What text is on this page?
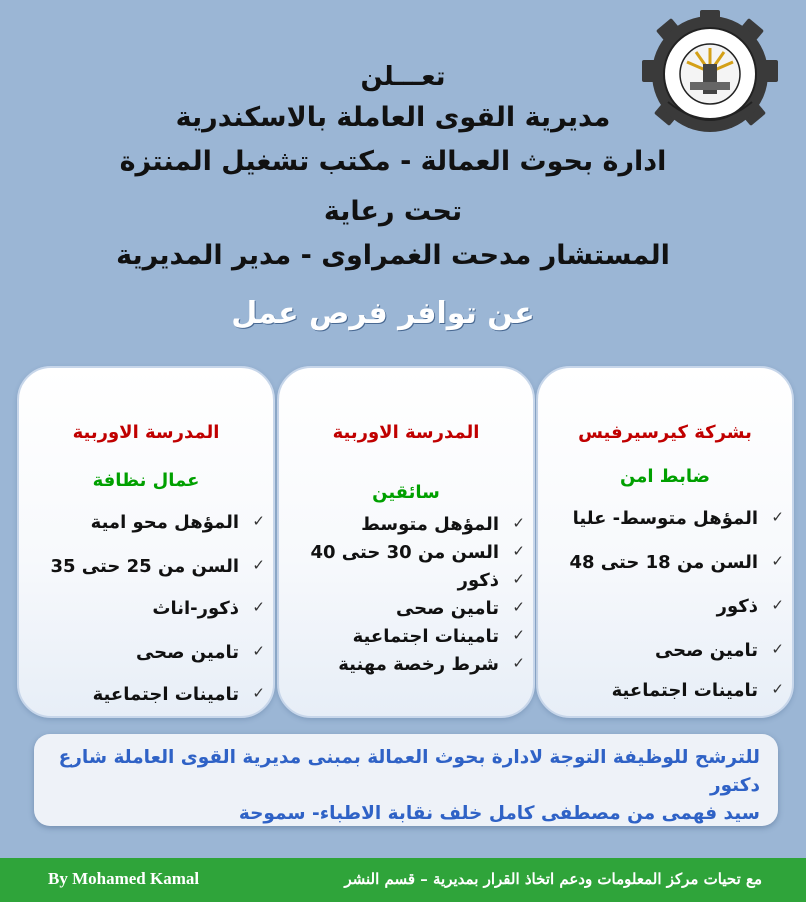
تعـــلن
مديرية القوى العاملة بالاسكندرية
ادارة بحوث العمالة - مكتب تشغيل المنتزة
تحت رعاية
المستشار مدحت الغمراوى - مدير المديرية
عن توافر فرص عمل
بشركة كيرسيرفيس
ضابط امن
✓
المؤهل متوسط- عليا
✓
السن من 18 حتى 48
✓
ذكور
✓
تامين صحى
✓
تامينات اجتماعية
المدرسة الاوربية
سائقين
✓
المؤهل متوسط
✓
السن من 30 حتى 40
✓
ذكور
✓
تامين صحى
✓
تامينات اجتماعية
✓
شرط رخصة مهنية
المدرسة الاوربية
عمال نظافة
✓
المؤهل محو امية
✓
السن من 25 حتى 35
✓
ذكور-اناث
✓
تامين صحى
✓
تامينات اجتماعية
للترشح للوظيفة التوجة لادارة بحوث العمالة بمبنى مديرية القوى العاملة شارع دكتور
سيد فهمى من مصطفى كامل خلف نقابة الاطباء- سموحة
مع تحيات مركز المعلومات ودعم اتخاذ القرار بمديرية – قسم النشر
By Mohamed Kamal
